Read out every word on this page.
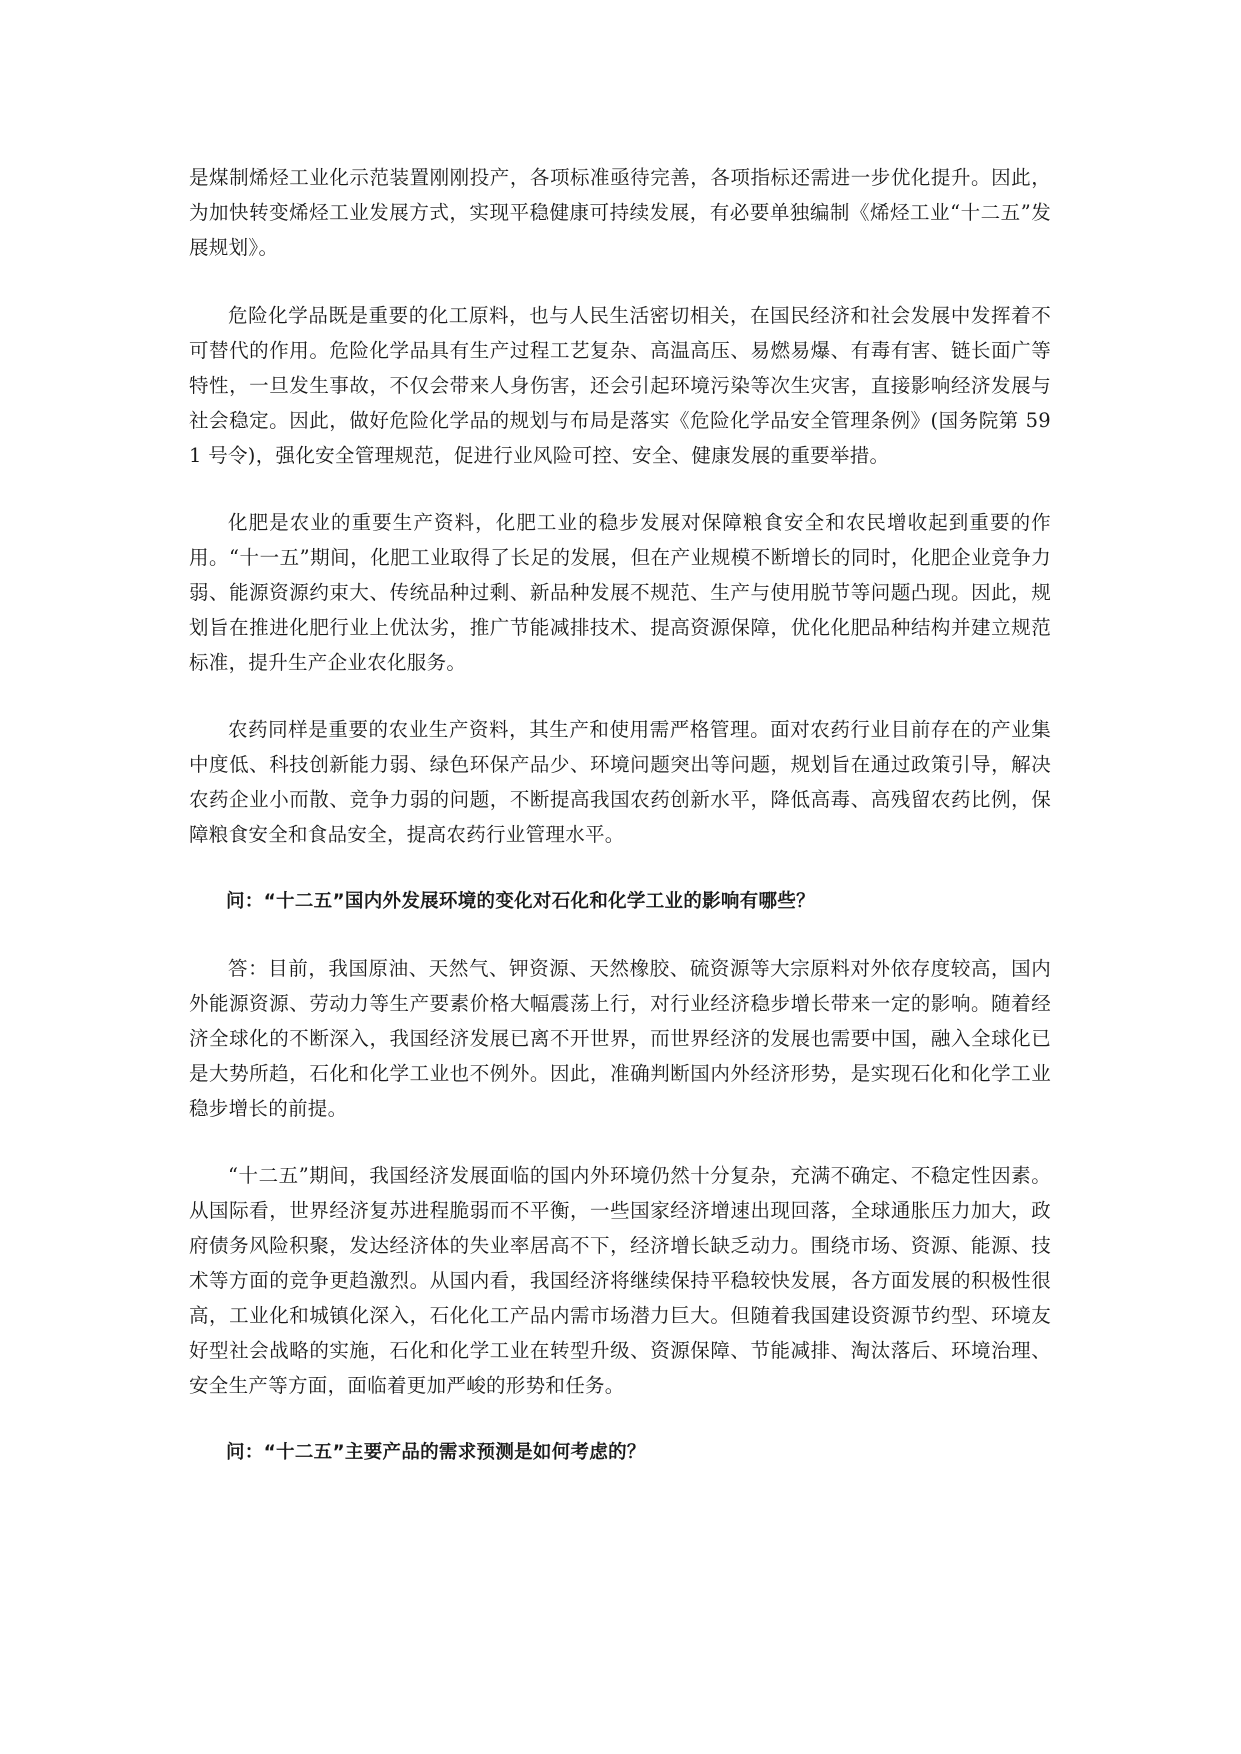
是煤制烯烃工业化示范装置刚刚投产，各项标准亟待完善，各项指标还需进一步优化提升。因此，为加快转变烯烃工业发展方式，实现平稳健康可持续发展，有必要单独编制《烯烃工业“十二五”发展规划》。

危险化学品既是重要的化工原料，也与人民生活密切相关，在国民经济和社会发展中发挥着不可替代的作用。危险化学品具有生产过程工艺复杂、高温高压、易燃易爆、有毒有害、链长面广等特性，一旦发生事故，不仅会带来人身伤害，还会引起环境污染等次生灾害，直接影响经济发展与社会稳定。因此，做好危险化学品的规划与布局是落实《危险化学品安全管理条例》(国务院第 591 号令)，强化安全管理规范，促进行业风险可控、安全、健康发展的重要举措。

化肥是农业的重要生产资料，化肥工业的稳步发展对保障粮食安全和农民增收起到重要的作用。“十一五”期间，化肥工业取得了长足的发展，但在产业规模不断增长的同时，化肥企业竞争力弱、能源资源约束大、传统品种过剩、新品种发展不规范、生产与使用脱节等问题凸现。因此，规划旨在推进化肥行业上优汰劣，推广节能减排技术、提高资源保障，优化化肥品种结构并建立规范标准，提升生产企业农化服务。

农药同样是重要的农业生产资料，其生产和使用需严格管理。面对农药行业目前存在的产业集中度低、科技创新能力弱、绿色环保产品少、环境问题突出等问题，规划旨在通过政策引导，解决农药企业小而散、竞争力弱的问题，不断提高我国农药创新水平，降低高毒、高残留农药比例，保障粮食安全和食品安全，提高农药行业管理水平。

问：“十二五”国内外发展环境的变化对石化和化学工业的影响有哪些？

答：目前，我国原油、天然气、钾资源、天然橡胶、硫资源等大宗原料对外依存度较高，国内外能源资源、劳动力等生产要素价格大幅震荡上行，对行业经济稳步增长带来一定的影响。随着经济全球化的不断深入，我国经济发展已离不开世界，而世界经济的发展也需要中国，融入全球化已是大势所趋，石化和化学工业也不例外。因此，准确判断国内外经济形势，是实现石化和化学工业稳步增长的前提。

“十二五”期间，我国经济发展面临的国内外环境仍然十分复杂，充满不确定、不稳定性因素。从国际看，世界经济复苏进程脆弱而不平衡，一些国家经济增速出现回落，全球通胀压力加大，政府债务风险积聚，发达经济体的失业率居高不下，经济增长缺乏动力。围绕市场、资源、能源、技术等方面的竞争更趋激烈。从国内看，我国经济将继续保持平稳较快发展，各方面发展的积极性很高，工业化和城镇化深入，石化化工产品内需市场潜力巨大。但随着我国建设资源节约型、环境友好型社会战略的实施，石化和化学工业在转型升级、资源保障、节能减排、淘汰落后、环境治理、安全生产等方面，面临着更加严峻的形势和任务。

问：“十二五”主要产品的需求预测是如何考虑的？
